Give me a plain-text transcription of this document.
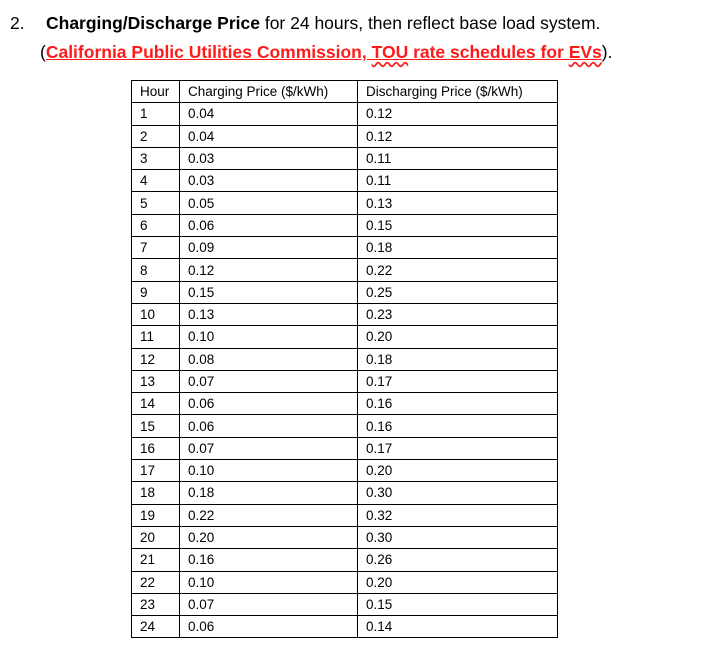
2. Charging/Discharge Price for 24 hours, then reflect base load system.
(California Public Utilities Commission, TOU rate schedules for EVs).
Hour	Charging Price ($/kWh)	Discharging Price ($/kWh)
1	0.04	0.12
2	0.04	0.12
3	0.03	0.11
4	0.03	0.11
5	0.05	0.13
6	0.06	0.15
7	0.09	0.18
8	0.12	0.22
9	0.15	0.25
10	0.13	0.23
11	0.10	0.20
12	0.08	0.18
13	0.07	0.17
14	0.06	0.16
15	0.06	0.16
16	0.07	0.17
17	0.10	0.20
18	0.18	0.30
19	0.22	0.32
20	0.20	0.30
21	0.16	0.26
22	0.10	0.20
23	0.07	0.15
24	0.06	0.14
